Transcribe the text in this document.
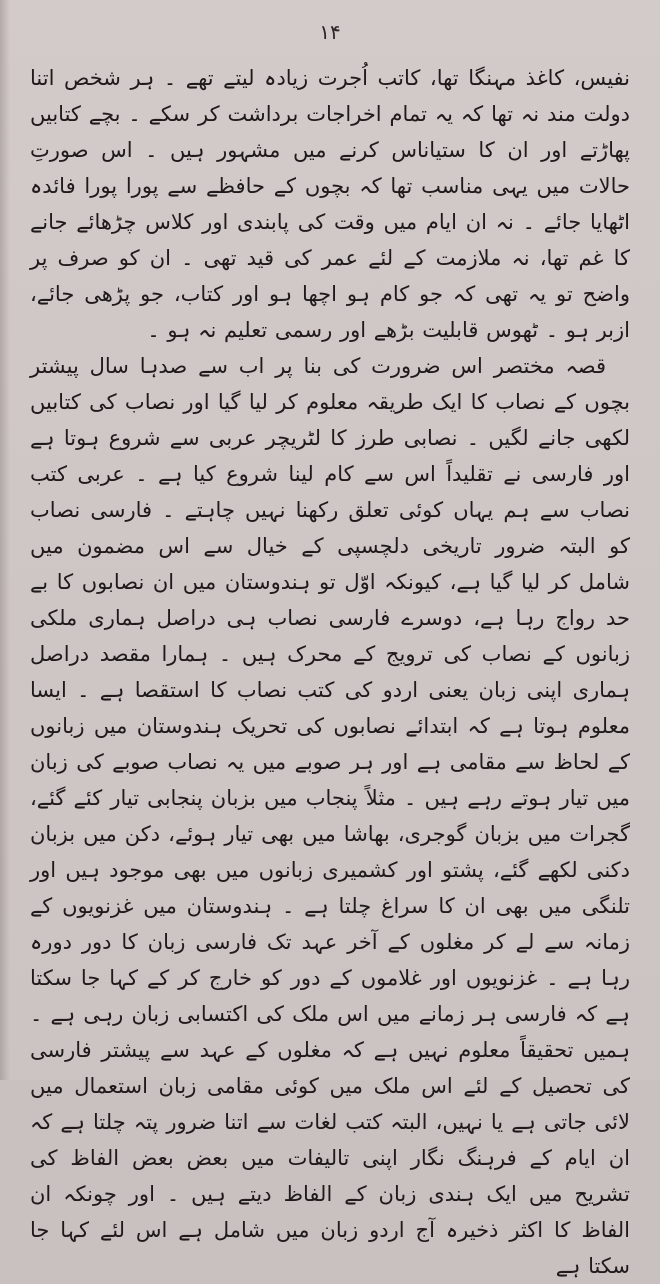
۱۴

نفیس، کاغذ مہنگا تھا، کاتب اُجرت زیادہ لیتے تھے ۔ ہر شخص اتنا دولت مند نہ تھا کہ یہ تمام اخراجات برداشت کر سکے ۔ بچے کتابیں پھاڑتے اور ان کا ستیاناس کرنے میں مشہور ہیں ۔ اس صورتِ حالات میں یہی مناسب تھا کہ بچوں کے حافظے سے پورا پورا فائدہ اٹھایا جائے ۔ نہ ان ایام میں وقت کی پابندی اور کلاس چڑھائے جانے کا غم تھا، نہ ملازمت کے لئے عمر کی قید تھی ۔ ان کو صرف پر واضح تو یہ تھی کہ جو کام ہو اچھا ہو اور کتاب، جو پڑھی جائے، ازبر ہو ۔ ٹھوس قابلیت بڑھے اور رسمی تعلیم نہ ہو ۔

قصہ مختصر اس ضرورت کی بنا پر اب سے صدہا سال پیشتر بچوں کے نصاب کا ایک طریقہ معلوم کر لیا گیا اور نصاب کی کتابیں لکھی جانے لگیں ۔ نصابی طرز کا لٹریچر عربی سے شروع ہوتا ہے اور فارسی نے تقلیداً اس سے کام لینا شروع کیا ہے ۔ عربی کتب نصاب سے ہم یہاں کوئی تعلق رکھنا نہیں چاہتے ۔ فارسی نصاب کو البتہ ضرور تاریخی دلچسپی کے خیال سے اس مضمون میں شامل کر لیا گیا ہے، کیونکہ اوّل تو ہندوستان میں ان نصابوں کا بے حد رواج رہا ہے، دوسرے فارسی نصاب ہی دراصل ہماری ملکی زبانوں کے نصاب کی ترویج کے محرک ہیں ۔ ہمارا مقصد دراصل ہماری اپنی زبان یعنی اردو کی کتب نصاب کا استقصا ہے ۔ ایسا معلوم ہوتا ہے کہ ابتدائے نصابوں کی تحریک ہندوستان میں زبانوں کے لحاظ سے مقامی ہے اور ہر صوبے میں یہ نصاب صوبے کی زبان میں تیار ہوتے رہے ہیں ۔ مثلاً پنجاب میں بزبان پنجابی تیار کئے گئے، گجرات میں بزبان گوجری، بھاشا میں بھی تیار ہوئے، دکن میں بزبان دکنی لکھے گئے، پشتو اور کشمیری زبانوں میں بھی موجود ہیں اور تلنگی میں بھی ان کا سراغ چلتا ہے ۔ ہندوستان میں غزنویوں کے زمانہ سے لے کر مغلوں کے آخر عہد تک فارسی زبان کا دور دورہ رہا ہے ۔ غزنویوں اور غلاموں کے دور کو خارج کر کے کہا جا سکتا ہے کہ فارسی ہر زمانے میں اس ملک کی اکتسابی زبان رہی ہے ۔ ہمیں تحقیقاً معلوم نہیں ہے کہ مغلوں کے عہد سے پیشتر فارسی کی تحصیل کے لئے اس ملک میں کوئی مقامی زبان استعمال میں لائی جاتی ہے یا نہیں، البتہ کتب لغات سے اتنا ضرور پتہ چلتا ہے کہ ان ایام کے فرہنگ نگار اپنی تالیفات میں بعض بعض الفاظ کی تشریح میں ایک ہندی زبان کے الفاظ دیتے ہیں ۔ اور چونکہ ان الفاظ کا اکثر ذخیرہ آج اردو زبان میں شامل ہے اس لئے کہا جا سکتا ہے
